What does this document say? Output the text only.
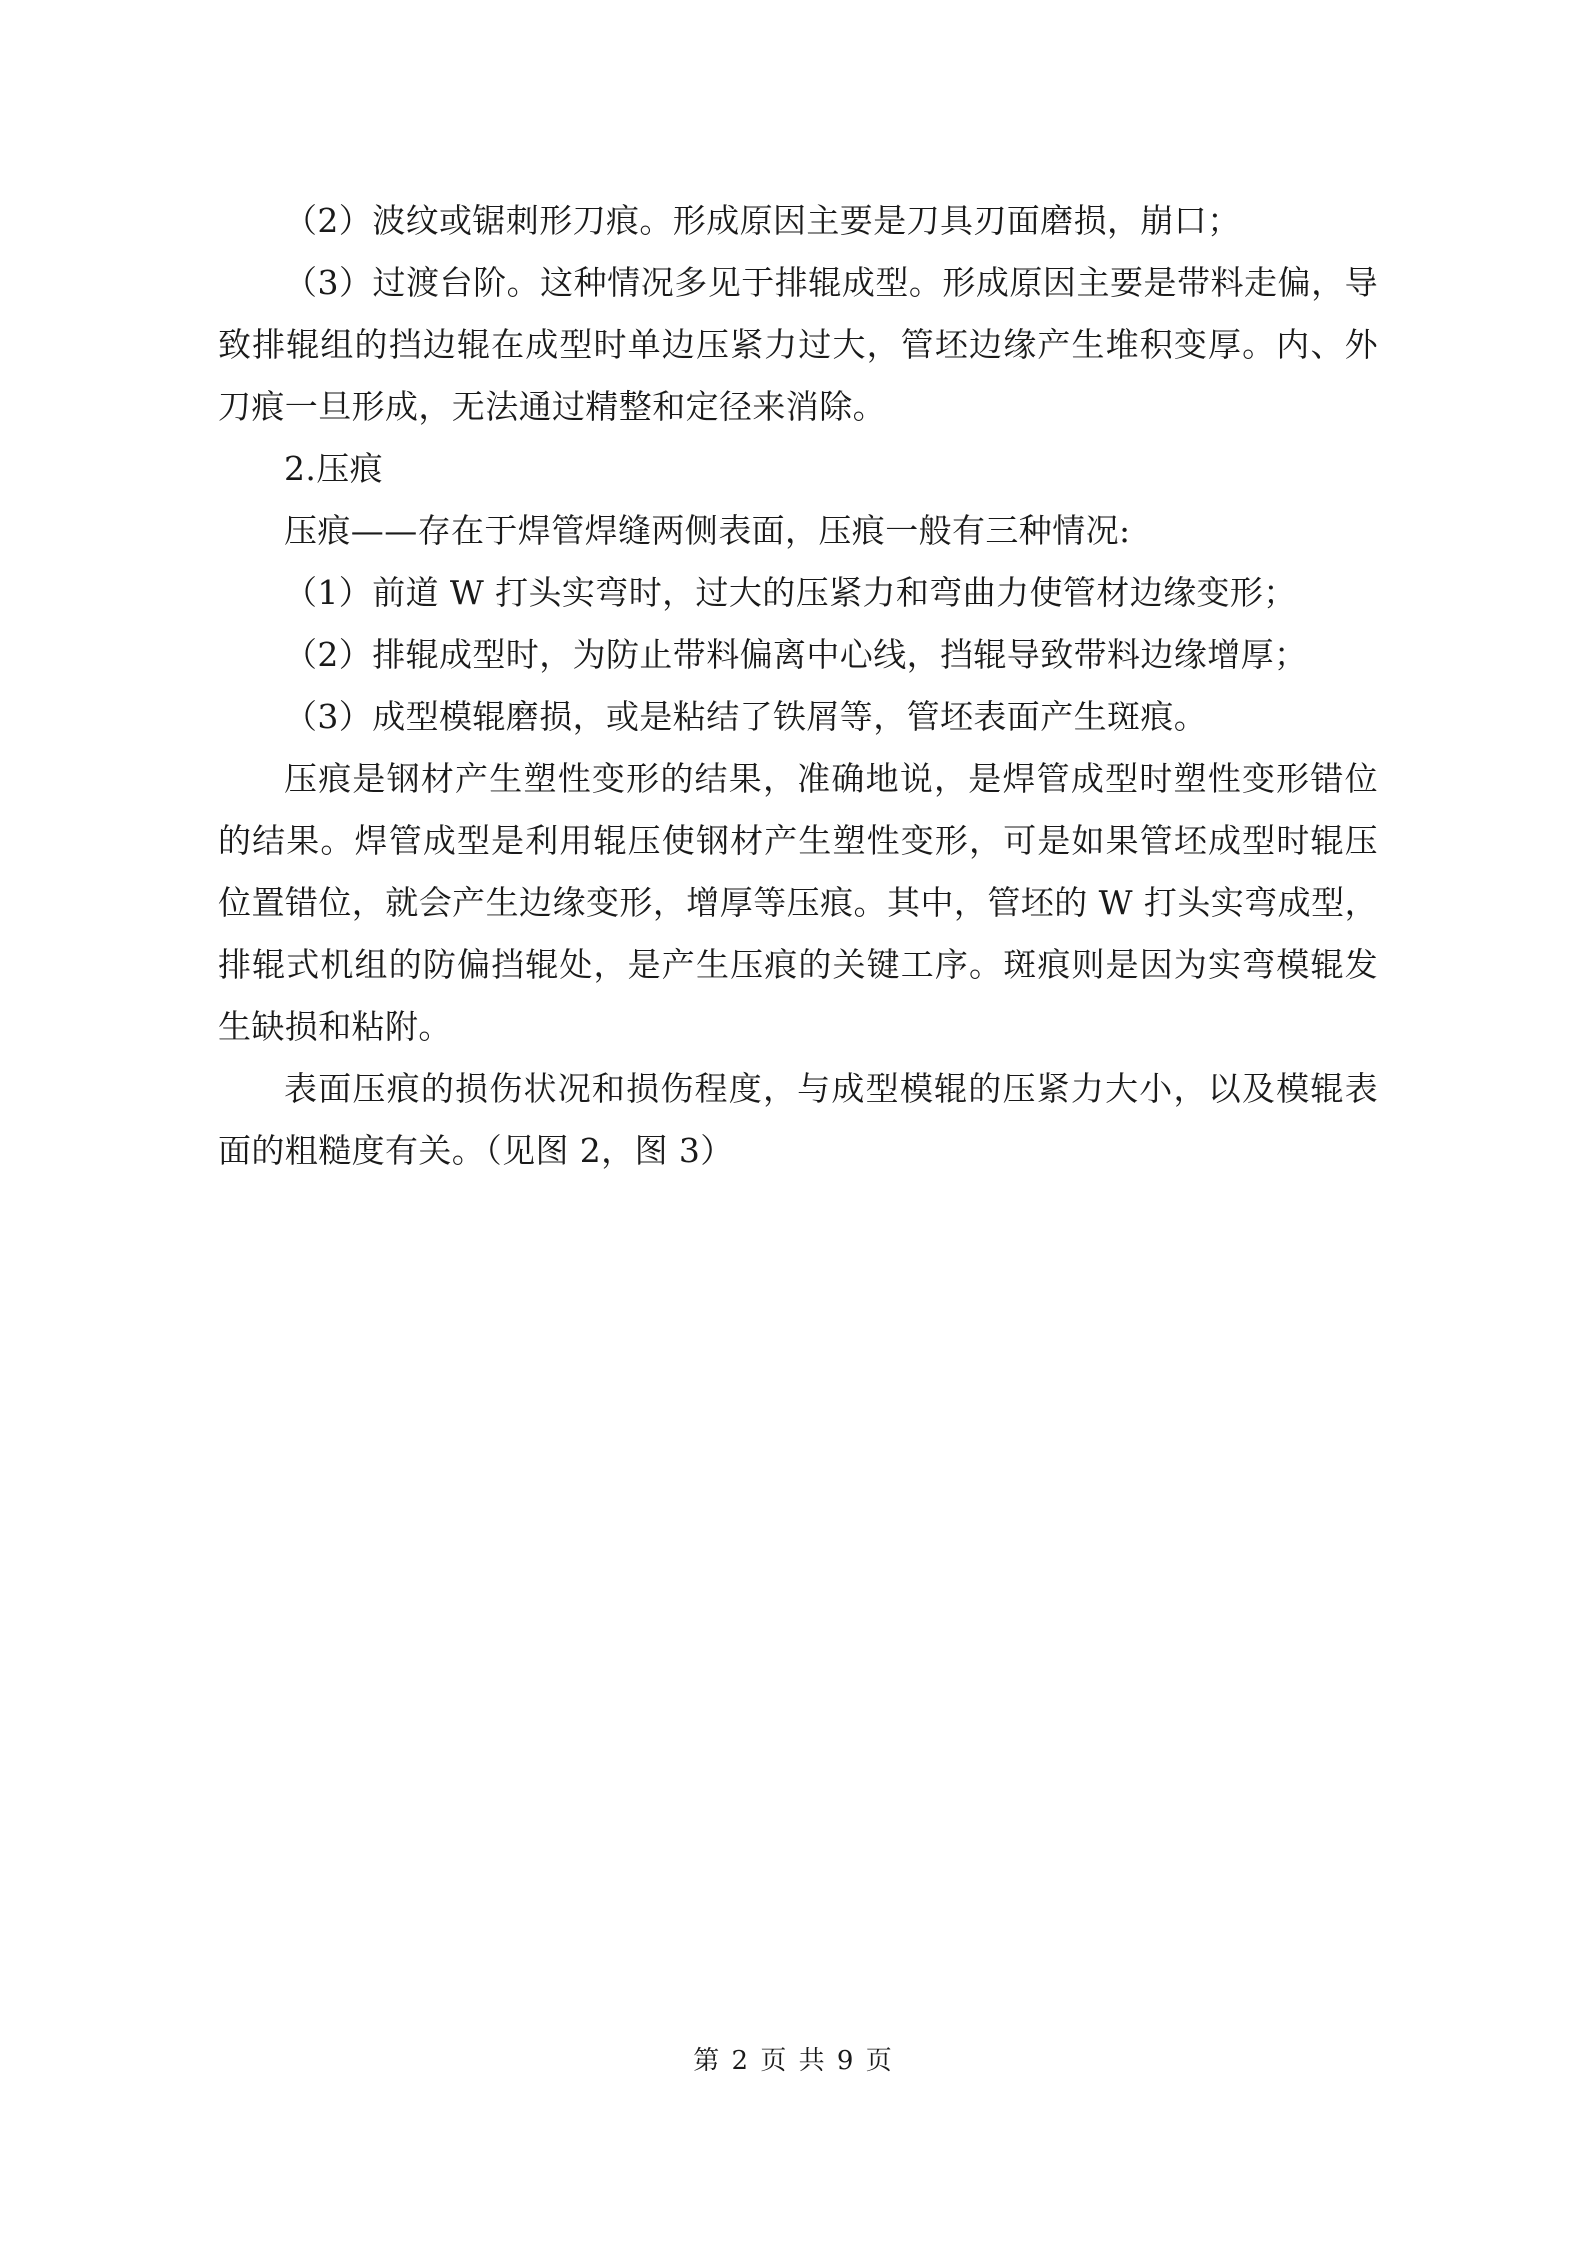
（2）波纹或锯刺形刀痕。形成原因主要是刀具刃面磨损，崩口；

（3）过渡台阶。这种情况多见于排辊成型。形成原因主要是带料走偏，导致排辊组的挡边辊在成型时单边压紧力过大，管坯边缘产生堆积变厚。内、外刀痕一旦形成，无法通过精整和定径来消除。

2.压痕

压痕——存在于焊管焊缝两侧表面，压痕一般有三种情况:

（1）前道 W 打头实弯时，过大的压紧力和弯曲力使管材边缘变形；

（2）排辊成型时，为防止带料偏离中心线，挡辊导致带料边缘增厚；

（3）成型模辊磨损，或是粘结了铁屑等，管坯表面产生斑痕。

压痕是钢材产生塑性变形的结果，准确地说，是焊管成型时塑性变形错位的结果。焊管成型是利用辊压使钢材产生塑性变形，可是如果管坯成型时辊压位置错位，就会产生边缘变形，增厚等压痕。其中，管坯的 W 打头实弯成型，排辊式机组的防偏挡辊处，是产生压痕的关键工序。斑痕则是因为实弯模辊发生缺损和粘附。

表面压痕的损伤状况和损伤程度，与成型模辊的压紧力大小，以及模辊表面的粗糙度有关。（见图 2，图 3）

第 2 页 共 9 页
